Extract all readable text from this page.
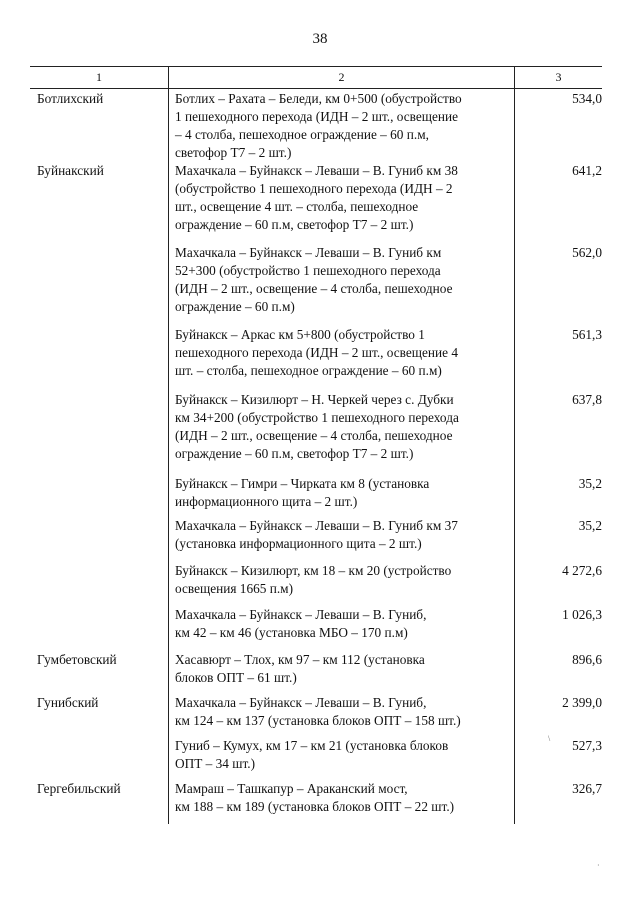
38
1	2	3
Ботлихский
Буйнакский
Гумбетовский
Гунибский
Гергебильский
Ботлих – Рахата – Беледи, км 0+500 (обустройство
1 пешеходного перехода (ИДН – 2 шт., освещение
– 4 столба, пешеходное ограждение – 60 п.м,
светофор Т7 – 2 шт.)
534,0
Махачкала – Буйнакск – Леваши – В. Гуниб км 38
(обустройство 1 пешеходного перехода (ИДН – 2
шт., освещение 4 шт. – столба, пешеходное
ограждение – 60 п.м, светофор Т7 – 2 шт.)
641,2
Махачкала – Буйнакск – Леваши – В. Гуниб км
52+300 (обустройство 1 пешеходного перехода
(ИДН – 2 шт., освещение – 4 столба, пешеходное
ограждение – 60 п.м)
562,0
Буйнакск – Аркас км 5+800 (обустройство 1
пешеходного перехода (ИДН – 2 шт., освещение 4
шт. – столба, пешеходное ограждение – 60 п.м)
561,3
Буйнакск – Кизилюрт – Н. Черкей через с. Дубки
км 34+200 (обустройство 1 пешеходного перехода
(ИДН – 2 шт., освещение – 4 столба, пешеходное
ограждение – 60 п.м, светофор Т7 – 2 шт.)
637,8
Буйнакск – Гимри – Чирката км 8 (установка
информационного щита – 2 шт.)
35,2
Махачкала – Буйнакск – Леваши – В. Гуниб км 37
(установка информационного щита – 2 шт.)
35,2
Буйнакск – Кизилюрт, км 18 – км 20 (устройство
освещения 1665 п.м)
4 272,6
Махачкала – Буйнакск – Леваши – В. Гуниб,
км 42 – км 46 (установка МБО – 170 п.м)
1 026,3
Хасавюрт – Тлох, км 97 – км 112 (установка
блоков ОПТ – 61 шт.)
896,6
Махачкала – Буйнакск – Леваши – В. Гуниб,
км 124 – км 137 (установка блоков ОПТ – 158 шт.)
2 399,0
Гуниб – Кумух, км 17 – км 21 (установка блоков
ОПТ – 34 шт.)
527,3
Мамраш – Ташкапур – Араканский мост,
км 188 – км 189 (установка блоков ОПТ – 22 шт.)
326,7
\
·
